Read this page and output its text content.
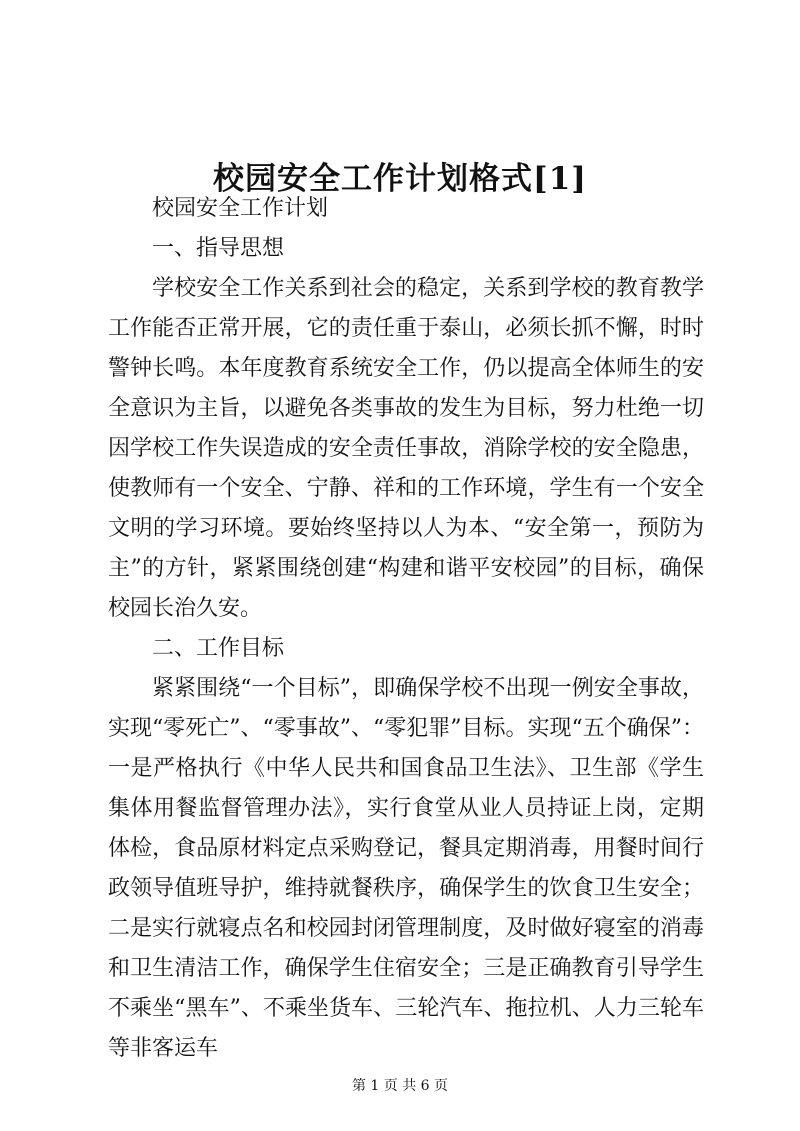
校园安全工作计划格式[1]

校园安全工作计划

一、指导思想

学校安全工作关系到社会的稳定，关系到学校的教育教学工作能否正常开展，它的责任重于泰山，必须长抓不懈，时时警钟长鸣。本年度教育系统安全工作，仍以提高全体师生的安全意识为主旨，以避免各类事故的发生为目标，努力杜绝一切因学校工作失误造成的安全责任事故，消除学校的安全隐患，使教师有一个安全、宁静、祥和的工作环境，学生有一个安全文明的学习环境。要始终坚持以人为本、“安全第一，预防为主”的方针，紧紧围绕创建“构建和谐平安校园”的目标，确保校园长治久安。

二、工作目标

紧紧围绕“一个目标”，即确保学校不出现一例安全事故，实现“零死亡”、“零事故”、“零犯罪”目标。实现“五个确保”：一是严格执行《中华人民共和国食品卫生法》、卫生部《学生集体用餐监督管理办法》，实行食堂从业人员持证上岗，定期体检，食品原材料定点采购登记，餐具定期消毒，用餐时间行政领导值班导护，维持就餐秩序，确保学生的饮食卫生安全；二是实行就寝点名和校园封闭管理制度，及时做好寝室的消毒和卫生清洁工作，确保学生住宿安全；三是正确教育引导学生不乘坐“黑车”、不乘坐货车、三轮汽车、拖拉机、人力三轮车等非客运车

第 1 页 共 6 页
